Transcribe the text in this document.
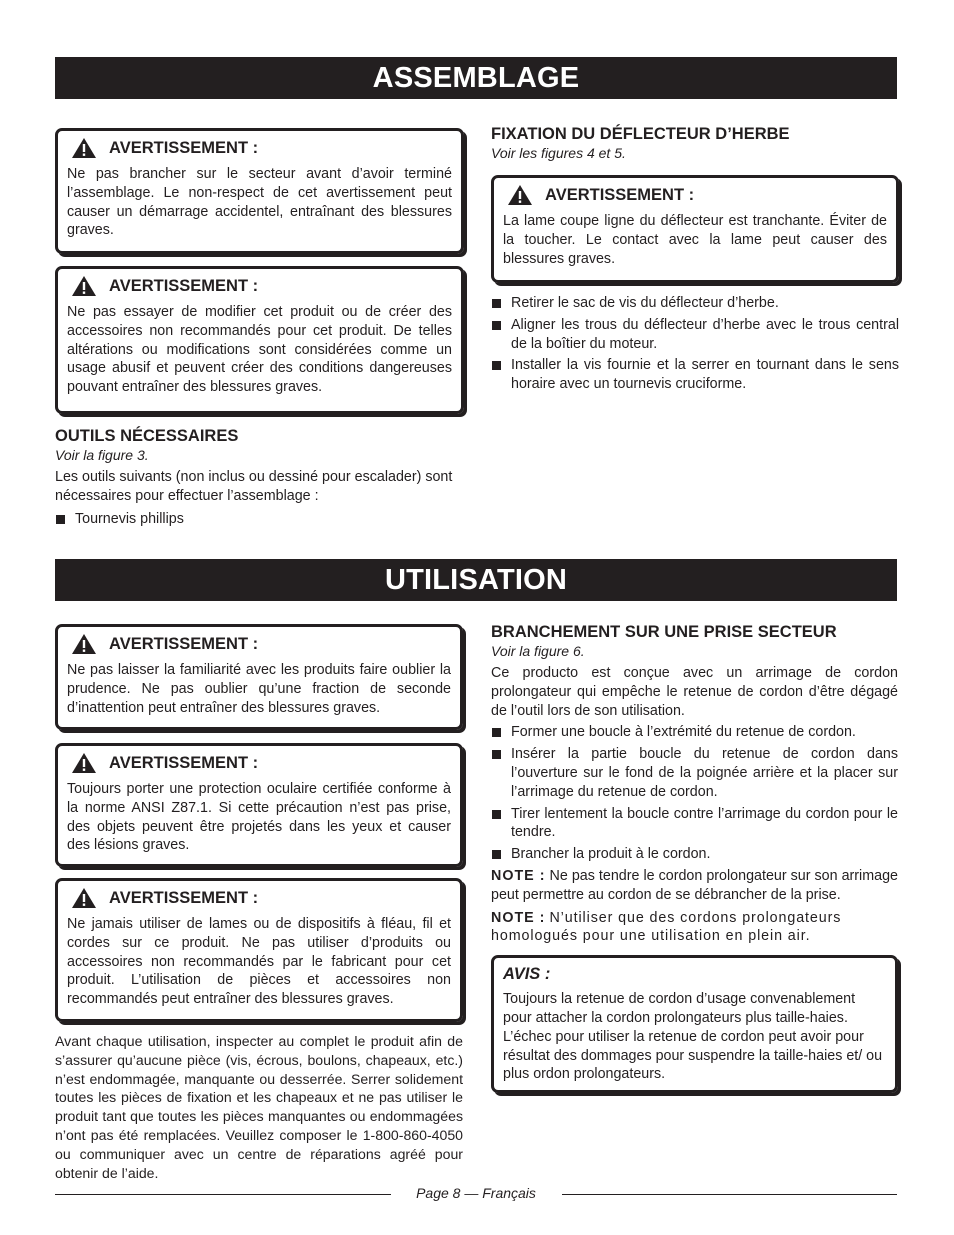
ASSEMBLAGE
AVERTISSEMENT :
Ne pas brancher sur le secteur avant d’avoir terminé l’assemblage. Le non-respect de cet avertissement peut causer un démarrage accidentel, entraînant des blessures graves.
AVERTISSEMENT :
Ne pas essayer de modifier cet produit ou de créer des accessoires non recommandés pour cet produit. De telles altérations ou modifications sont considérées comme un usage abusif et peuvent créer des conditions dangereuses pouvant entraîner des blessures graves.
OUTILS NÉCESSAIRES
Voir la figure 3.
Les outils suivants (non inclus ou dessiné pour escalader) sont nécessaires pour effectuer l’assemblage :
Tournevis phillips
FIXATION DU DÉFLECTEUR D’HERBE
Voir les figures 4 et 5.
AVERTISSEMENT :
La lame coupe ligne du déflecteur est tranchante. Éviter de la toucher. Le contact avec la lame peut causer des blessures graves.
Retirer le sac de vis du déflecteur d’herbe.
Aligner les trous du déflecteur d’herbe avec le trous central de la boîtier du moteur.
Installer la vis fournie et la serrer en tournant dans le sens horaire avec un tournevis cruciforme.
UTILISATION
AVERTISSEMENT :
Ne pas laisser la familiarité avec les produits faire oublier la prudence. Ne pas oublier qu’une fraction de seconde d’inattention peut entraîner des blessures graves.
AVERTISSEMENT :
Toujours porter une protection oculaire certifiée conforme à la norme ANSI Z87.1. Si cette précaution n’est pas prise, des objets peuvent être projetés dans les yeux et causer des lésions graves.
AVERTISSEMENT :
Ne jamais utiliser de lames ou de dispositifs à fléau, fil et cordes sur ce produit. Ne pas utiliser d’produits ou accessoires non recommandés par le fabricant pour cet produit. L’utilisation de pièces et accessoires non recommandés peut entraîner des blessures graves.
Avant chaque utilisation, inspecter au complet le produit afin de s’assurer qu’aucune pièce (vis, écrous, boulons, chapeaux, etc.) n’est endommagée, manquante ou desserrée. Serrer solidement toutes les pièces de fixation et les chapeaux et ne pas utiliser le produit tant que toutes les pièces manquantes ou endommagées n’ont pas été remplacées. Veuillez composer le 1-800-860-4050 ou communiquer avec un centre de réparations agréé pour obtenir de l’aide.
BRANCHEMENT SUR UNE PRISE SECTEUR
Voir la figure 6.
Ce producto est conçue avec un arrimage de cordon prolongateur qui empêche le retenue de cordon d’être dégagé de l’outil lors de son utilisation.
Former une boucle à l’extrémité du retenue de cordon.
Insérer la partie boucle du retenue de cordon dans l’ouverture sur le fond de la poignée arrière et la placer sur l’arrimage du retenue de cordon.
Tirer lentement la boucle contre l’arrimage du cordon pour le tendre.
Brancher la produit à le cordon.
NOTE : Ne pas tendre le cordon prolongateur sur son arrimage peut permettre au cordon de se débrancher de la prise.
NOTE : N’utiliser que des cordons prolongateurs homologués pour une utilisation en plein air.
AVIS :
Toujours la retenue de cordon d’usage convenablement pour attacher la cordon prolongateurs plus taille-haies. L’échec pour utiliser la retenue de cordon peut avoir pour résultat des dommages pour suspendre la taille-haies et/ ou plus ordon prolongateurs.
Page 8 — Français
